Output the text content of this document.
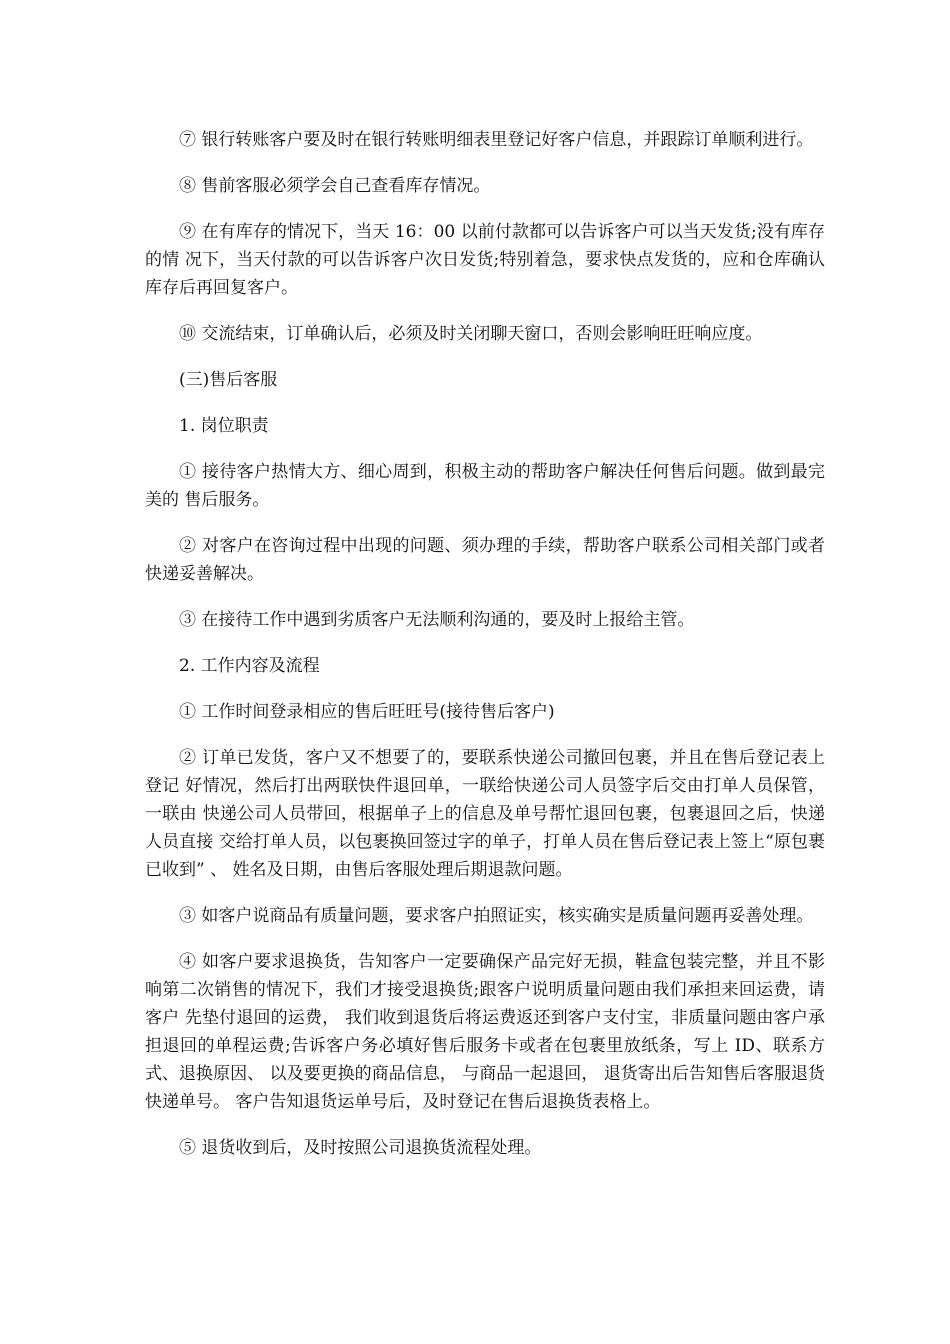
⑦ 银行转账客户要及时在银行转账明细表里登记好客户信息，并跟踪订单顺利进行。

⑧ 售前客服必须学会自己查看库存情况。

⑨ 在有库存的情况下，当天 16：00 以前付款都可以告诉客户可以当天发货;没有库存的情 况下，当天付款的可以告诉客户次日发货;特别着急，要求快点发货的，应和仓库确认库存后再回复客户。

⑩ 交流结束，订单确认后，必须及时关闭聊天窗口，否则会影响旺旺响应度。

(三)售后客服

1. 岗位职责

① 接待客户热情大方、细心周到，积极主动的帮助客户解决任何售后问题。做到最完美的 售后服务。

② 对客户在咨询过程中出现的问题、须办理的手续，帮助客户联系公司相关部门或者快递妥善解决。

③ 在接待工作中遇到劣质客户无法顺利沟通的，要及时上报给主管。

2. 工作内容及流程

① 工作时间登录相应的售后旺旺号(接待售后客户)

② 订单已发货，客户又不想要了的，要联系快递公司撤回包裹，并且在售后登记表上登记 好情况，然后打出两联快件退回单，一联给快递公司人员签字后交由打单人员保管，一联由 快递公司人员带回，根据单子上的信息及单号帮忙退回包裹，包裹退回之后，快递人员直接 交给打单人员，以包裹换回签过字的单子，打单人员在售后登记表上签上“原包裹已收到” 、 姓名及日期，由售后客服处理后期退款问题。

③ 如客户说商品有质量问题，要求客户拍照证实，核实确实是质量问题再妥善处理。

④ 如客户要求退换货，告知客户一定要确保产品完好无损，鞋盒包装完整，并且不影响第二次销售的情况下，我们才接受退换货;跟客户说明质量问题由我们承担来回运费，请客户 先垫付退回的运费， 我们收到退货后将运费返还到客户支付宝，非质量问题由客户承担退回的单程运费;告诉客户务必填好售后服务卡或者在包裹里放纸条，写上 ID、联系方式、退换原因、 以及要更换的商品信息， 与商品一起退回， 退货寄出后告知售后客服退货快递单号。 客户告知退货运单号后，及时登记在售后退换货表格上。

⑤ 退货收到后，及时按照公司退换货流程处理。
